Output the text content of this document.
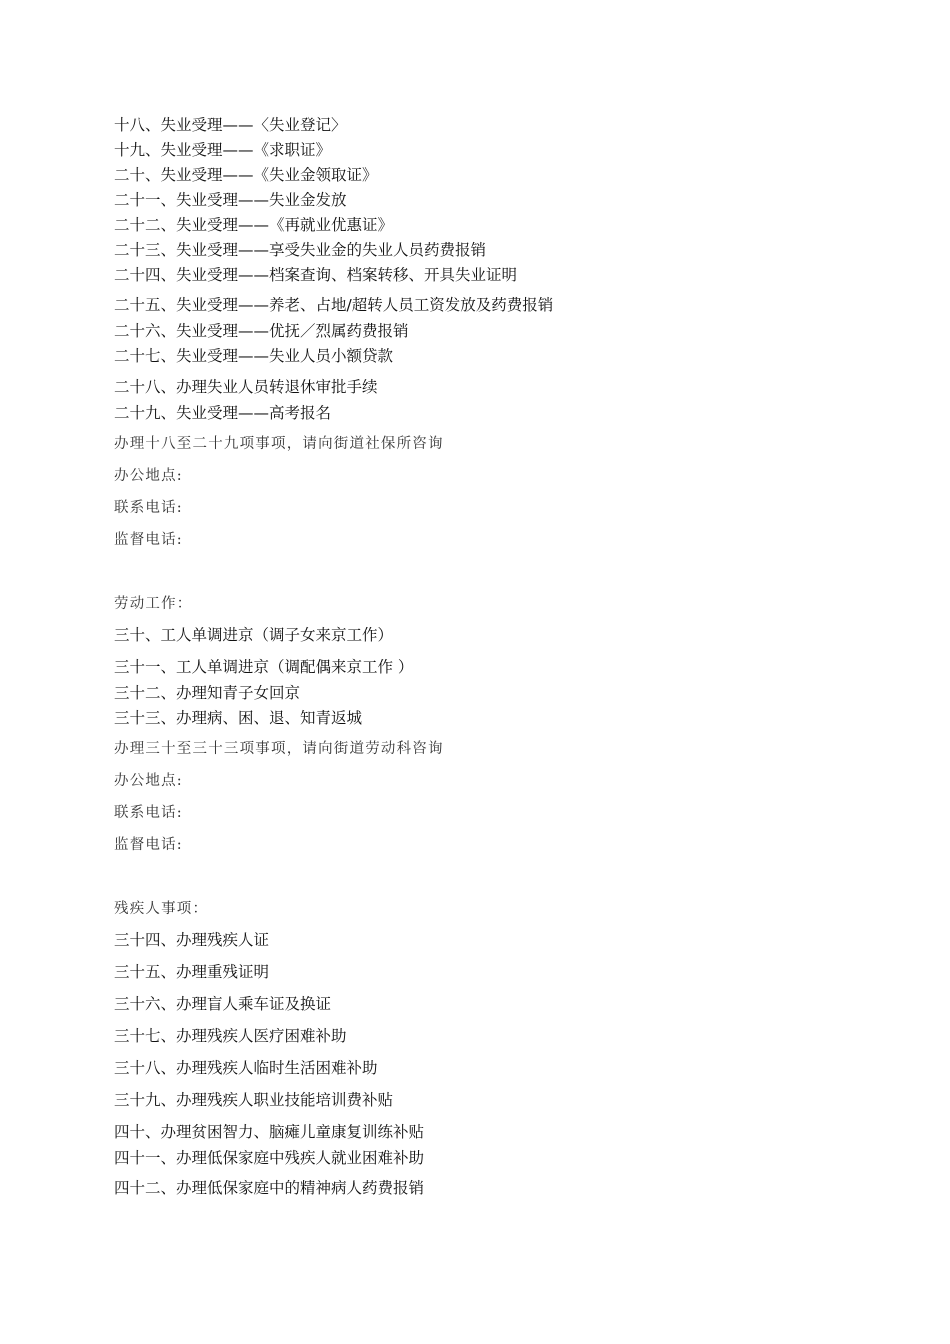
十八、失业受理——〈失业登记〉
十九、失业受理——《求职证》
二十、失业受理——《失业金领取证》
二十一、失业受理——失业金发放
二十二、失业受理——《再就业优惠证》
二十三、失业受理——享受失业金的失业人员药费报销
二十四、失业受理——档案查询、档案转移、开具失业证明
二十五、失业受理——养老、占地/超转人员工资发放及药费报销
二十六、失业受理——优抚／烈属药费报销
二十七、失业受理——失业人员小额贷款
二十八、办理失业人员转退休审批手续
二十九、失业受理——高考报名
办理十八至二十九项事项，请向街道社保所咨询
办公地点:
联系电话:
监督电话:
劳动工作：
三十、工人单调进京（调子女来京工作）
三十一、工人单调进京（调配偶来京工作 ）
三十二、办理知青子女回京
三十三、办理病、困、退、知青返城
办理三十至三十三项事项，请向街道劳动科咨询
办公地点:
联系电话:
监督电话:
残疾人事项：
三十四、办理残疾人证
三十五、办理重残证明
三十六、办理盲人乘车证及换证
三十七、办理残疾人医疗困难补助
三十八、办理残疾人临时生活困难补助
三十九、办理残疾人职业技能培训费补贴
四十、办理贫困智力、脑瘫儿童康复训练补贴
四十一、办理低保家庭中残疾人就业困难补助
四十二、办理低保家庭中的精神病人药费报销
